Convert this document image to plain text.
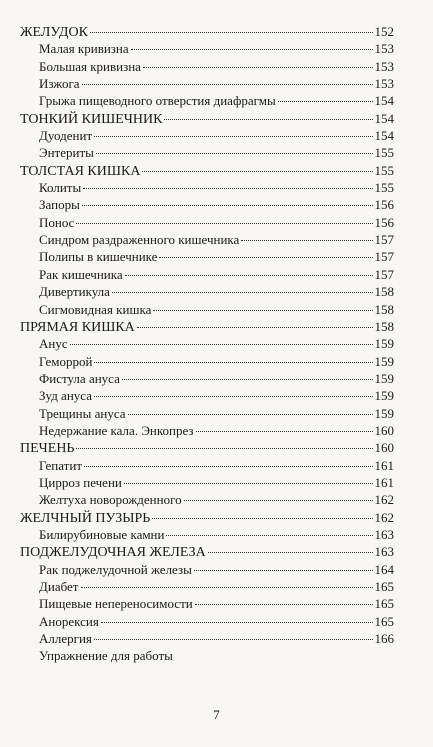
ЖЕЛУДОК	152
Малая кривизна	153
Большая кривизна	153
Изжога	153
Грыжа пищеводного отверстия диафрагмы	154
ТОНКИЙ КИШЕЧНИК	154
Дуоденит	154
Энтериты	155
ТОЛСТАЯ КИШКА	155
Колиты	155
Запоры	156
Понос	156
Синдром раздраженного кишечника	157
Полипы в кишечнике	157
Рак кишечника	157
Дивертикула	158
Сигмовидная кишка	158
ПРЯМАЯ КИШКА	158
Анус	159
Геморрой	159
Фистула ануса	159
Зуд ануса	159
Трещины ануса	159
Недержание кала. Энкопрез	160
ПЕЧЕНЬ	160
Гепатит	161
Цирроз печени	161
Желтуха новорожденного	162
ЖЕЛЧНЫЙ ПУЗЫРЬ	162
Билирубиновые камни	163
ПОДЖЕЛУДОЧНАЯ ЖЕЛЕЗА	163
Рак поджелудочной железы	164
Диабет	165
Пищевые непереносимости	165
Анорексия	165
Аллергия	166
Упражнение для работы
7
